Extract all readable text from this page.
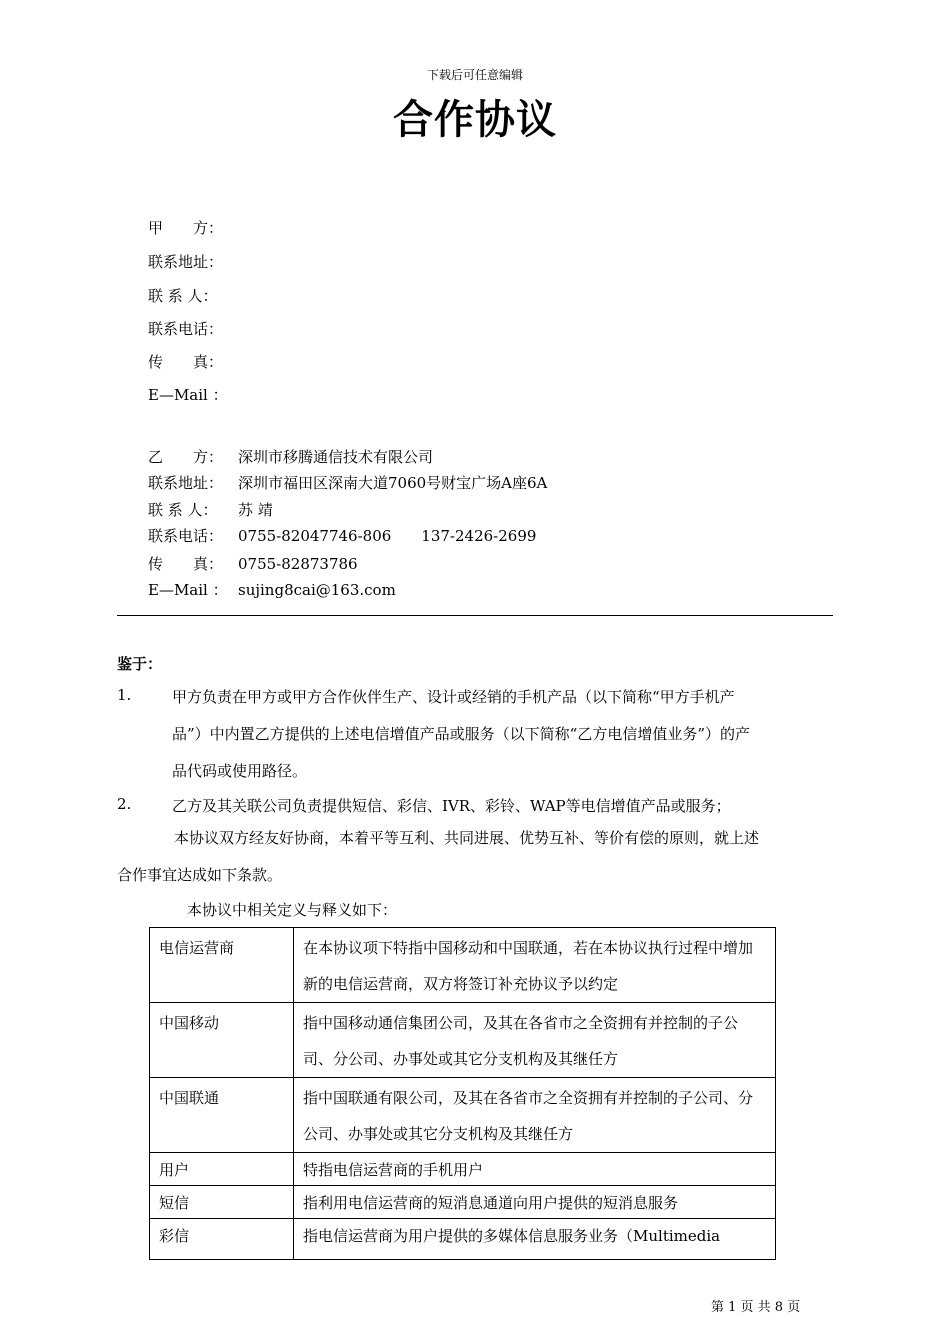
下载后可任意编辑
合作协议
甲　　方：
联系地址：
联 系 人：
联系电话：
传　　真：
E—Mail ：
乙　　方： 深圳市移腾通信技术有限公司
联系地址： 深圳市福田区深南大道7060号财宝广场A座6A
联 系 人： 苏 靖
联系电话： 0755-82047746-806　　137-2426-2699
传　　真： 0755-82873786
E—Mail ： sujing8cai@163.com
鉴于：
1.	甲方负责在甲方或甲方合作伙伴生产、设计或经销的手机产品（以下简称“甲方手机产
品”）中内置乙方提供的上述电信增值产品或服务（以下简称“乙方电信增值业务”）的产
品代码或使用路径。
2.	乙方及其关联公司负责提供短信、彩信、IVR、彩铃、WAP等电信增值产品或服务；
本协议双方经友好协商，本着平等互利、共同进展、优势互补、等价有偿的原则，就上述
合作事宜达成如下条款。
本协议中相关定义与释义如下：
电信运营商	在本协议项下特指中国移动和中国联通，若在本协议执行过程中增加新的电信运营商，双方将签订补充协议予以约定
中国移动	指中国移动通信集团公司，及其在各省市之全资拥有并控制的子公司、分公司、办事处或其它分支机构及其继任方
中国联通	指中国联通有限公司，及其在各省市之全资拥有并控制的子公司、分公司、办事处或其它分支机构及其继任方
用户	特指电信运营商的手机用户
短信	指利用电信运营商的短消息通道向用户提供的短消息服务
彩信	指电信运营商为用户提供的多媒体信息服务业务（Multimedia
第 1 页 共 8 页
